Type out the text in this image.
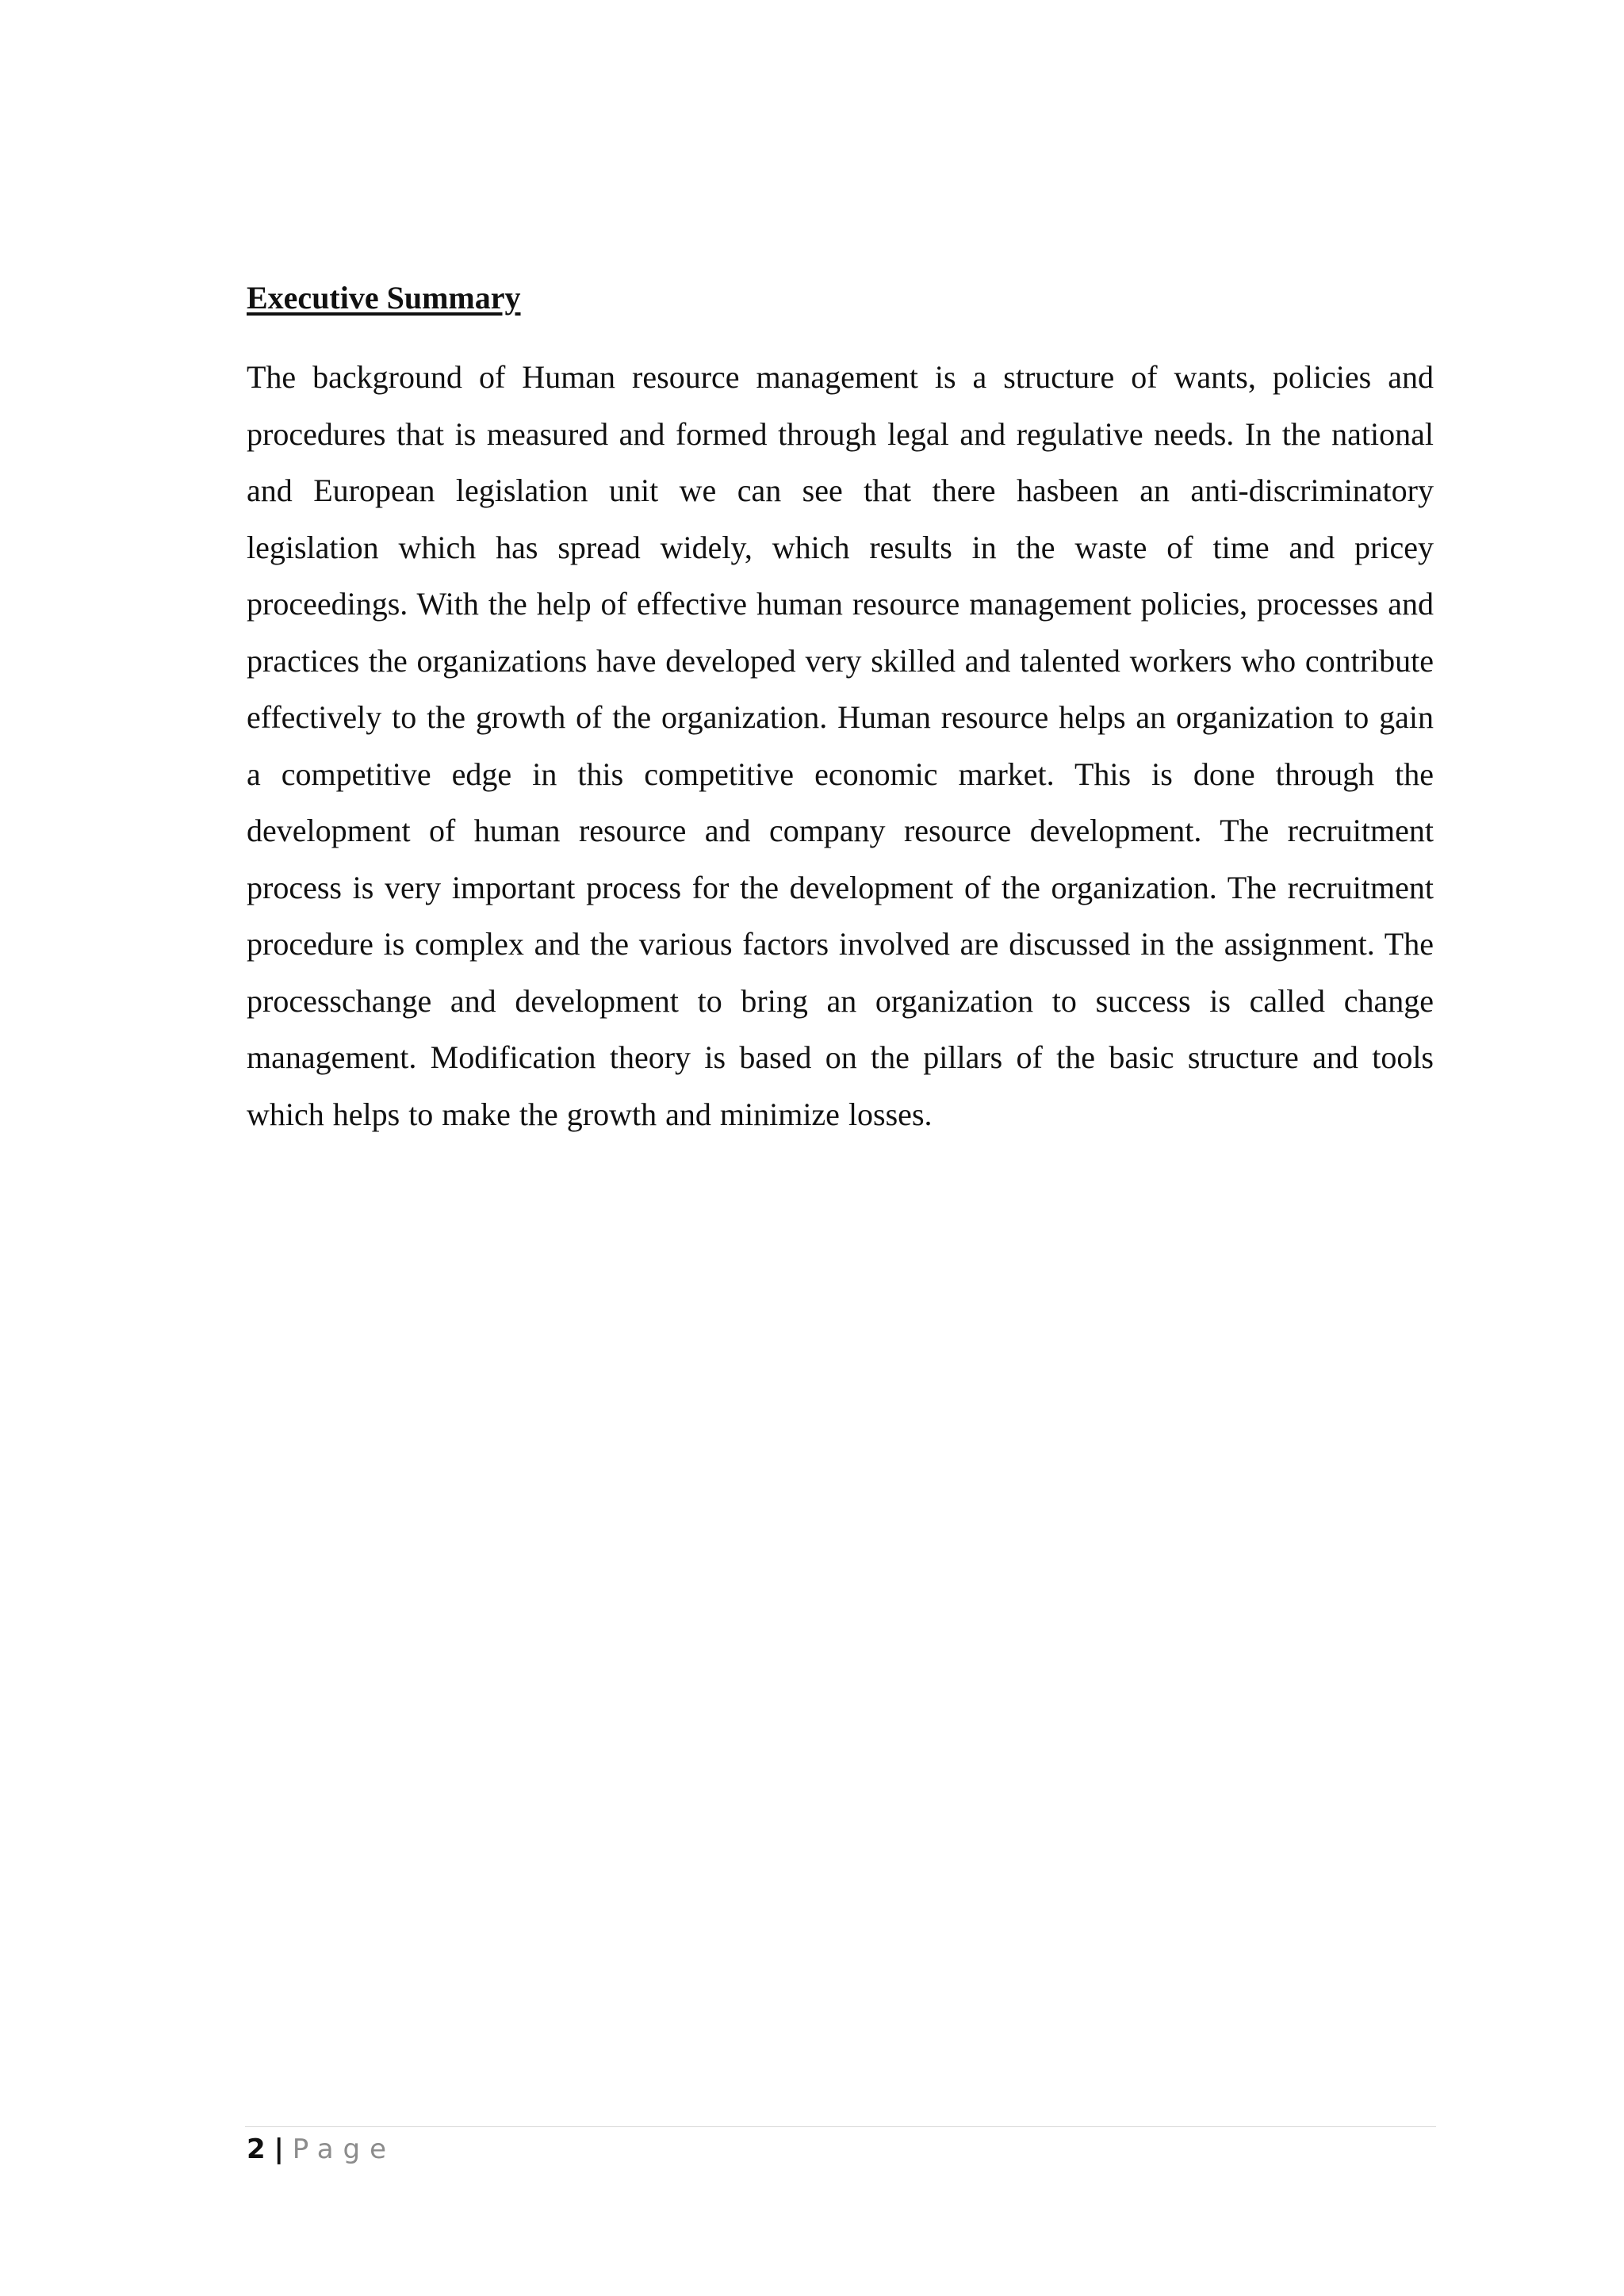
Executive Summary

The background of Human resource management is a structure of wants, policies and procedures that is measured and formed through legal and regulative needs. In the national and European legislation unit we can see that there hasbeen an anti-discriminatory legislation which has spread widely, which results in the waste of time and pricey proceedings. With the help of effective human resource management policies, processes and practices the organizations have developed very skilled and talented workers who contribute effectively to the growth of the organization. Human resource helps an organization to gain a competitive edge in this competitive economic market. This is done through the development of human resource and company resource development. The recruitment process is very important process for the development of the organization. The recruitment procedure is complex and the various factors involved are discussed in the assignment. The processchange and development to bring an organization to success is called change management. Modification theory is based on the pillars of the basic structure and tools which helps to make the growth and minimize losses.

2 | Page
